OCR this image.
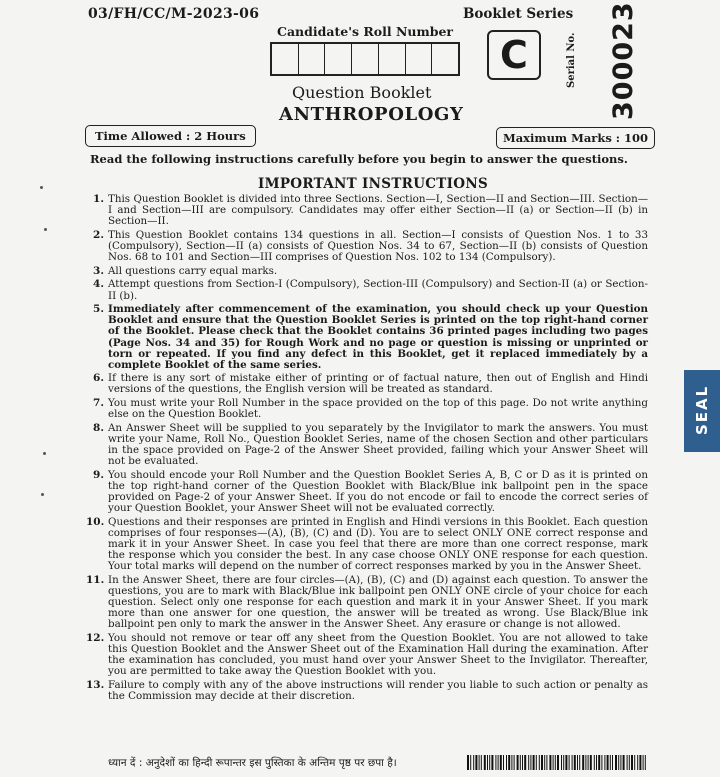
03/FH/CC/M-2023-06	Booklet Series
Candidate's Roll Number
C	Serial No. 300023
Question Booklet
ANTHROPOLOGY
Time Allowed : 2 Hours	Maximum Marks : 100
Read the following instructions carefully before you begin to answer the questions.
IMPORTANT INSTRUCTIONS
1. This Question Booklet is divided into three Sections. Section—I, Section—II and Section—III. Section—I and Section—III are compulsory. Candidates may offer either Section—II (a) or Section—II (b) in Section—II.
2. This Question Booklet contains 134 questions in all. Section—I consists of Question Nos. 1 to 33 (Compulsory), Section—II (a) consists of Question Nos. 34 to 67, Section—II (b) consists of Question Nos. 68 to 101 and Section—III comprises of Question Nos. 102 to 134 (Compulsory).
3. All questions carry equal marks.
4. Attempt questions from Section-I (Compulsory), Section-III (Compulsory) and Section-II (a) or Section-II (b).
5. Immediately after commencement of the examination, you should check up your Question Booklet and ensure that the Question Booklet Series is printed on the top right-hand corner of the Booklet. Please check that the Booklet contains 36 printed pages including two pages (Page Nos. 34 and 35) for Rough Work and no page or question is missing or unprinted or torn or repeated. If you find any defect in this Booklet, get it replaced immediately by a complete Booklet of the same series.
6. If there is any sort of mistake either of printing or of factual nature, then out of English and Hindi versions of the questions, the English version will be treated as standard.
7. You must write your Roll Number in the space provided on the top of this page. Do not write anything else on the Question Booklet.
8. An Answer Sheet will be supplied to you separately by the Invigilator to mark the answers. You must write your Name, Roll No., Question Booklet Series, name of the chosen Section and other particulars in the space provided on Page-2 of the Answer Sheet provided, failing which your Answer Sheet will not be evaluated.
9. You should encode your Roll Number and the Question Booklet Series A, B, C or D as it is printed on the top right-hand corner of the Question Booklet with Black/Blue ink ballpoint pen in the space provided on Page-2 of your Answer Sheet. If you do not encode or fail to encode the correct series of your Question Booklet, your Answer Sheet will not be evaluated correctly.
10. Questions and their responses are printed in English and Hindi versions in this Booklet. Each question comprises of four responses—(A), (B), (C) and (D). You are to select ONLY ONE correct response and mark it in your Answer Sheet. In case you feel that there are more than one correct response, mark the response which you consider the best. In any case choose ONLY ONE response for each question. Your total marks will depend on the number of correct responses marked by you in the Answer Sheet.
11. In the Answer Sheet, there are four circles—(A), (B), (C) and (D) against each question. To answer the questions, you are to mark with Black/Blue ink ballpoint pen ONLY ONE circle of your choice for each question. Select only one response for each question and mark it in your Answer Sheet. If you mark more than one answer for one question, the answer will be treated as wrong. Use Black/Blue ink ballpoint pen only to mark the answer in the Answer Sheet. Any erasure or change is not allowed.
12. You should not remove or tear off any sheet from the Question Booklet. You are not allowed to take this Question Booklet and the Answer Sheet out of the Examination Hall during the examination. After the examination has concluded, you must hand over your Answer Sheet to the Invigilator. Thereafter, you are permitted to take away the Question Booklet with you.
13. Failure to comply with any of the above instructions will render you liable to such action or penalty as the Commission may decide at their discretion.
SEAL
ध्यान दें : अनुदेशों का हिन्दी रूपान्तर इस पुस्तिका के अन्तिम पृष्ठ पर छपा है।
